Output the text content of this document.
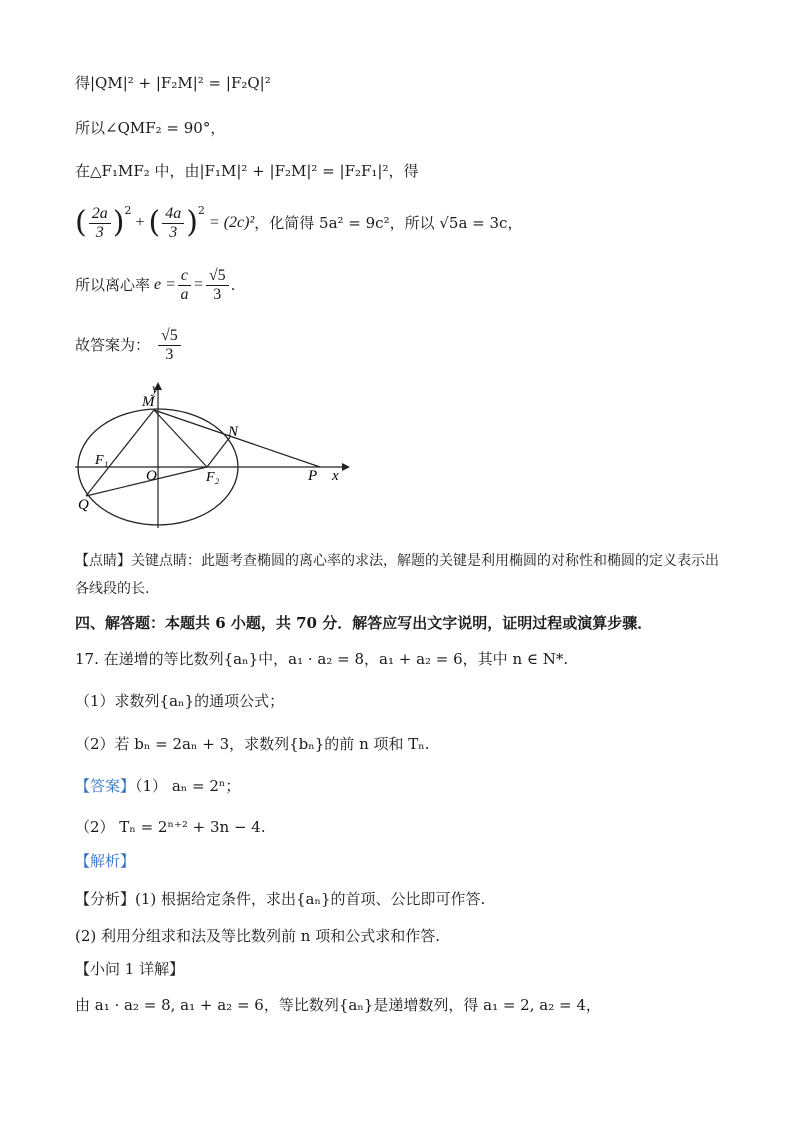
得|QM|² + |F₂M|² = |F₂Q|²
所以∠QMF₂ = 90°，
在△F₁MF₂ 中，由|F₁M|² + |F₂M|² = |F₂F₁|²，得
( $\frac{2a}{3} )^2$
+ ( $\frac{4a}{3} )^2$
= (2c)² ，化简得 5a² = 9c²，所以 √5a = 3c，
所以离心率 $e = \frac{c}{a} = \frac{√5}{3}$ .
故答案为： $\frac{√5}{3}$
y
x
M
N
F₁
O	F₂	P
Q
【点睛】关键点睛：此题考查椭圆的离心率的求法，解题的关键是利用椭圆的对称性和椭圆的定义表示出
各线段的长.
四、解答题：本题共 6 小题，共 70 分．解答应写出文字说明，证明过程或演算步骤．
17. 在递增的等比数列{aₙ}中，a₁ · a₂ = 8，a₁ + a₂ = 6，其中 n ∈ N*.
（1）求数列{aₙ}的通项公式；
（2）若 bₙ = 2aₙ + 3，求数列{bₙ}的前 n 项和 Tₙ.
【答案】（1） aₙ = 2ⁿ；
（2） Tₙ = 2ⁿ⁺² + 3n − 4.
【解析】
【分析】(1) 根据给定条件，求出{aₙ}的首项、公比即可作答.
(2) 利用分组求和法及等比数列前 n 项和公式求和作答.
【小问 1 详解】
由 a₁ · a₂ = 8, a₁ + a₂ = 6，等比数列{aₙ}是递增数列，得 a₁ = 2, a₂ = 4，
